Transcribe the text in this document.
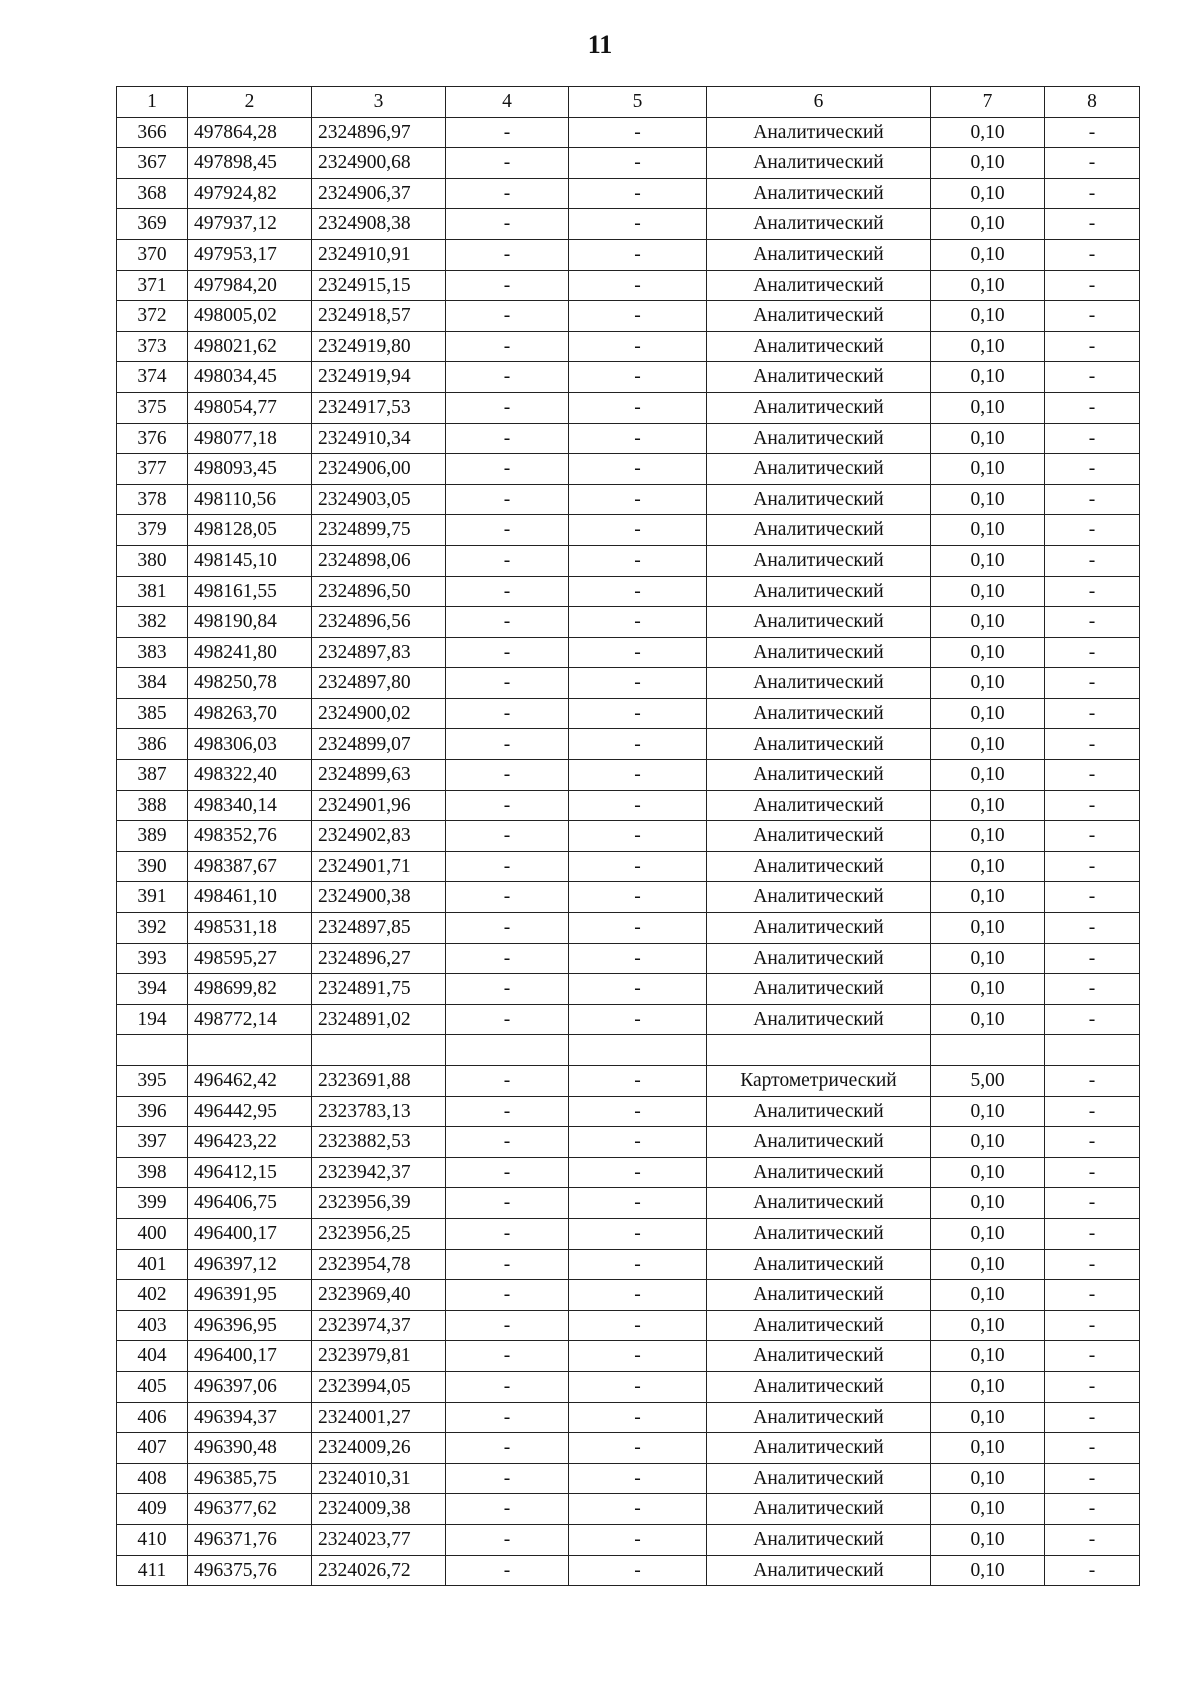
11
1	2	3	4	5	6	7	8
366	497864,28	2324896,97	-	-	Аналитический	0,10	-
367	497898,45	2324900,68	-	-	Аналитический	0,10	-
368	497924,82	2324906,37	-	-	Аналитический	0,10	-
369	497937,12	2324908,38	-	-	Аналитический	0,10	-
370	497953,17	2324910,91	-	-	Аналитический	0,10	-
371	497984,20	2324915,15	-	-	Аналитический	0,10	-
372	498005,02	2324918,57	-	-	Аналитический	0,10	-
373	498021,62	2324919,80	-	-	Аналитический	0,10	-
374	498034,45	2324919,94	-	-	Аналитический	0,10	-
375	498054,77	2324917,53	-	-	Аналитический	0,10	-
376	498077,18	2324910,34	-	-	Аналитический	0,10	-
377	498093,45	2324906,00	-	-	Аналитический	0,10	-
378	498110,56	2324903,05	-	-	Аналитический	0,10	-
379	498128,05	2324899,75	-	-	Аналитический	0,10	-
380	498145,10	2324898,06	-	-	Аналитический	0,10	-
381	498161,55	2324896,50	-	-	Аналитический	0,10	-
382	498190,84	2324896,56	-	-	Аналитический	0,10	-
383	498241,80	2324897,83	-	-	Аналитический	0,10	-
384	498250,78	2324897,80	-	-	Аналитический	0,10	-
385	498263,70	2324900,02	-	-	Аналитический	0,10	-
386	498306,03	2324899,07	-	-	Аналитический	0,10	-
387	498322,40	2324899,63	-	-	Аналитический	0,10	-
388	498340,14	2324901,96	-	-	Аналитический	0,10	-
389	498352,76	2324902,83	-	-	Аналитический	0,10	-
390	498387,67	2324901,71	-	-	Аналитический	0,10	-
391	498461,10	2324900,38	-	-	Аналитический	0,10	-
392	498531,18	2324897,85	-	-	Аналитический	0,10	-
393	498595,27	2324896,27	-	-	Аналитический	0,10	-
394	498699,82	2324891,75	-	-	Аналитический	0,10	-
194	498772,14	2324891,02	-	-	Аналитический	0,10	-

395	496462,42	2323691,88	-	-	Картометрический	5,00	-
396	496442,95	2323783,13	-	-	Аналитический	0,10	-
397	496423,22	2323882,53	-	-	Аналитический	0,10	-
398	496412,15	2323942,37	-	-	Аналитический	0,10	-
399	496406,75	2323956,39	-	-	Аналитический	0,10	-
400	496400,17	2323956,25	-	-	Аналитический	0,10	-
401	496397,12	2323954,78	-	-	Аналитический	0,10	-
402	496391,95	2323969,40	-	-	Аналитический	0,10	-
403	496396,95	2323974,37	-	-	Аналитический	0,10	-
404	496400,17	2323979,81	-	-	Аналитический	0,10	-
405	496397,06	2323994,05	-	-	Аналитический	0,10	-
406	496394,37	2324001,27	-	-	Аналитический	0,10	-
407	496390,48	2324009,26	-	-	Аналитический	0,10	-
408	496385,75	2324010,31	-	-	Аналитический	0,10	-
409	496377,62	2324009,38	-	-	Аналитический	0,10	-
410	496371,76	2324023,77	-	-	Аналитический	0,10	-
411	496375,76	2324026,72	-	-	Аналитический	0,10	-
